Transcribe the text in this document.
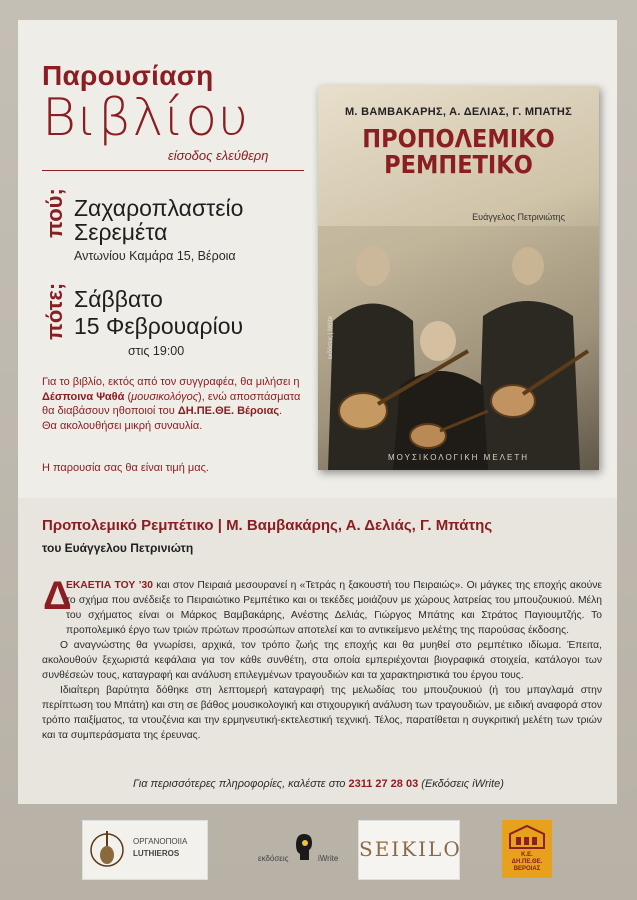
Παρουσίαση
Βιβλίου
είσοδος ελεύθερη
πού; Ζαχαροπλαστείο
Σερεμέτα
Αντωνίου Καμάρα 15, Βέροια
πότε; Σάββατο
15 Φεβρουαρίου
στις 19:00
Για το βιβλίο, εκτός από τον συγγραφέα, θα μιλήσει η Δέσποινα Ψαθά (μουσικολόγος), ενώ αποσπάσματα θα διαβάσουν ηθοποιοί του ΔΗ.ΠΕ.ΘΕ. Βέροιας.
Θα ακολουθήσει μικρή συναυλία.
Η παρουσία σας θα είναι τιμή μας.
Μ. ΒΑΜΒΑΚΑΡΗΣ, Α. ΔΕΛΙΑΣ, Γ. ΜΠΑΤΗΣ
ΠΡΟΠΟΛΕΜΙΚΟ
ΡΕΜΠΕΤΙΚΟ
Ευάγγελος Πετρινιώτης
εκδόσεις | iWrite
ΜΟΥΣΙΚΟΛΟΓΙΚΗ ΜΕΛΕΤΗ
Προπολεμικό Ρεμπέτικο | Μ. Βαμβακάρης, Α. Δελιάς, Γ. Μπάτης
του Ευάγγελου Πετρινιώτη
Δ

ΕΚΑΕΤΙΑ ΤΟΥ ’30 και στον Πειραιά μεσουρανεί η «Τετράς η ξακουστή του Πειραιώς». Οι μάγκες της εποχής ακούνε το σχήμα που ανέδειξε το Πειραιώτικο Ρεμπέτικο και οι τεκέδες μοιάζουν με χώρους λατρείας του μπουζουκιού. Μέλη του σχήματος είναι οι Μάρκος Βαμβακάρης, Ανέστης Δελιάς, Γιώργος Μπάτης και Στράτος Παγιουμτζής. Το προπολεμικό έργο των τριών πρώτων προσώπων αποτελεί και το αντικείμενο μελέτης της παρούσας έκδοσης.

Ο αναγνώστης θα γνωρίσει, αρχικά, τον τρόπο ζωής της εποχής και θα μυηθεί στο ρεμπέτικο ιδίωμα. Έπειτα, ακολουθούν ξεχωριστά κεφάλαια για τον κάθε συνθέτη, στα οποία εμπεριέχονται βιογραφικά στοιχεία, κατάλογοι των συνθέσεών τους, καταγραφή και ανάλυση επιλεγμένων τραγουδιών και τα χαρακτηριστικά του έργου τους.

Ιδιαίτερη βαρύτητα δόθηκε στη λεπτομερή καταγραφή της μελωδίας του μπουζουκιού (ή του μπαγλαμά στην περίπτωση του Μπάτη) και στη σε βάθος μουσικολογική και στιχουργική ανάλυση των τραγουδιών, με ειδική αναφορά στον τρόπο παιξίματος, τα ντουζένια και την ερμηνευτική-εκτελεστική τεχνική. Τέλος, παρατίθεται η συγκριτική μελέτη των τριών και τα συμπεράσματα της έρευνας.

Για περισσότερες πληροφορίες, καλέστε στο 2311 27 28 03 (Εκδόσεις iWrite)
ΟΡΓΑΝΟΠΟΙΙΑ
LUTHIEROS
εκδόσεις	iWrite SEIKILO	Κ.Ε.
ΔΗ.ΠΕ.ΘΕ.
ΒΕΡΟΙΑΣ
